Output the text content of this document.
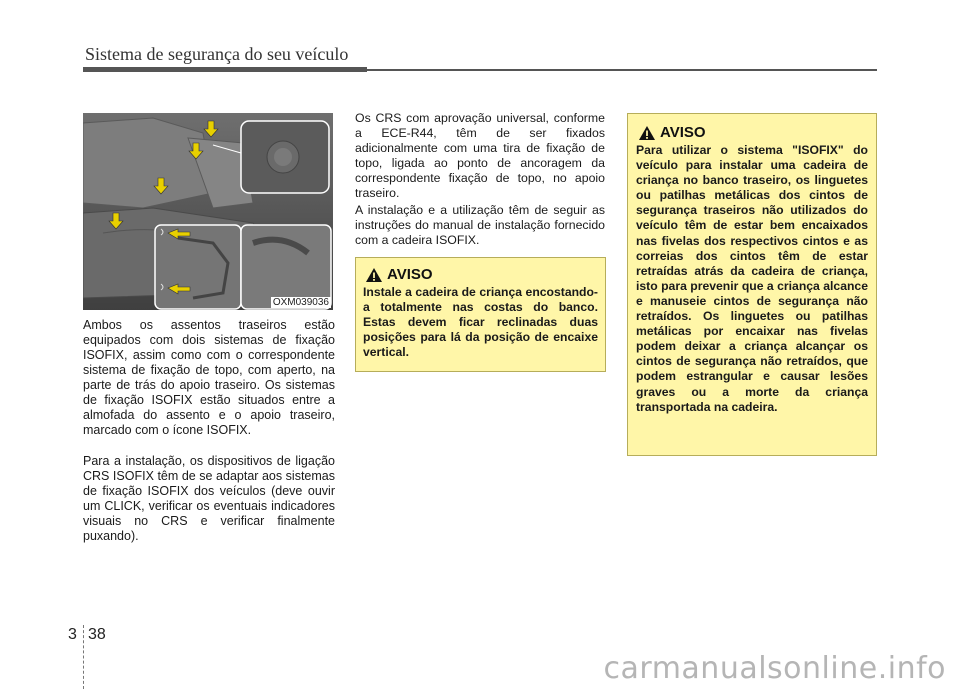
Sistema de segurança do seu veículo
OXM039036

Ambos os assentos traseiros estão equipados com dois sistemas de fixação ISOFIX, assim como com o correspondente sistema de fixação de topo, com aperto, na parte de trás do apoio traseiro. Os sistemas de fixação ISOFIX estão situados entre a almofada do assento e o apoio traseiro, marcado com o ícone ISOFIX.

Para a instalação, os dispositivos de ligação CRS ISOFIX têm de se adaptar aos sistemas de fixação ISOFIX dos veículos (deve ouvir um CLICK, verificar os eventuais indicadores visuais no CRS e verificar finalmente puxando).

Os CRS com aprovação universal, conforme a ECE-R44, têm de ser fixados adicionalmente com uma tira de fixação de topo, ligada ao ponto de ancoragem da correspondente fixação de topo, no apoio traseiro.

A instalação e a utilização têm de seguir as instruções do manual de instalação fornecido com a cadeira ISOFIX.

AVISO

Instale a cadeira de criança encostando-a totalmente nas costas do banco. Estas devem ficar reclinadas duas posições para lá da posição de encaixe vertical.

AVISO

Para utilizar o sistema "ISOFIX" do veículo para instalar uma cadeira de criança no banco traseiro, os linguetes ou patilhas metálicas dos cintos de segurança traseiros não utilizados do veículo têm de estar bem encaixados nas fivelas dos respectivos cintos e as correias dos cintos têm de estar retraídas atrás da cadeira de criança, isto para prevenir que a criança alcance e manuseie cintos de segurança não retraídos. Os linguetes ou patilhas metálicas por encaixar nas fivelas podem deixar a criança alcançar os cintos de segurança não retraídos, que podem estrangular e causar lesões graves ou a morte da criança transportada na cadeira.

3 38
carmanualsonline.info
